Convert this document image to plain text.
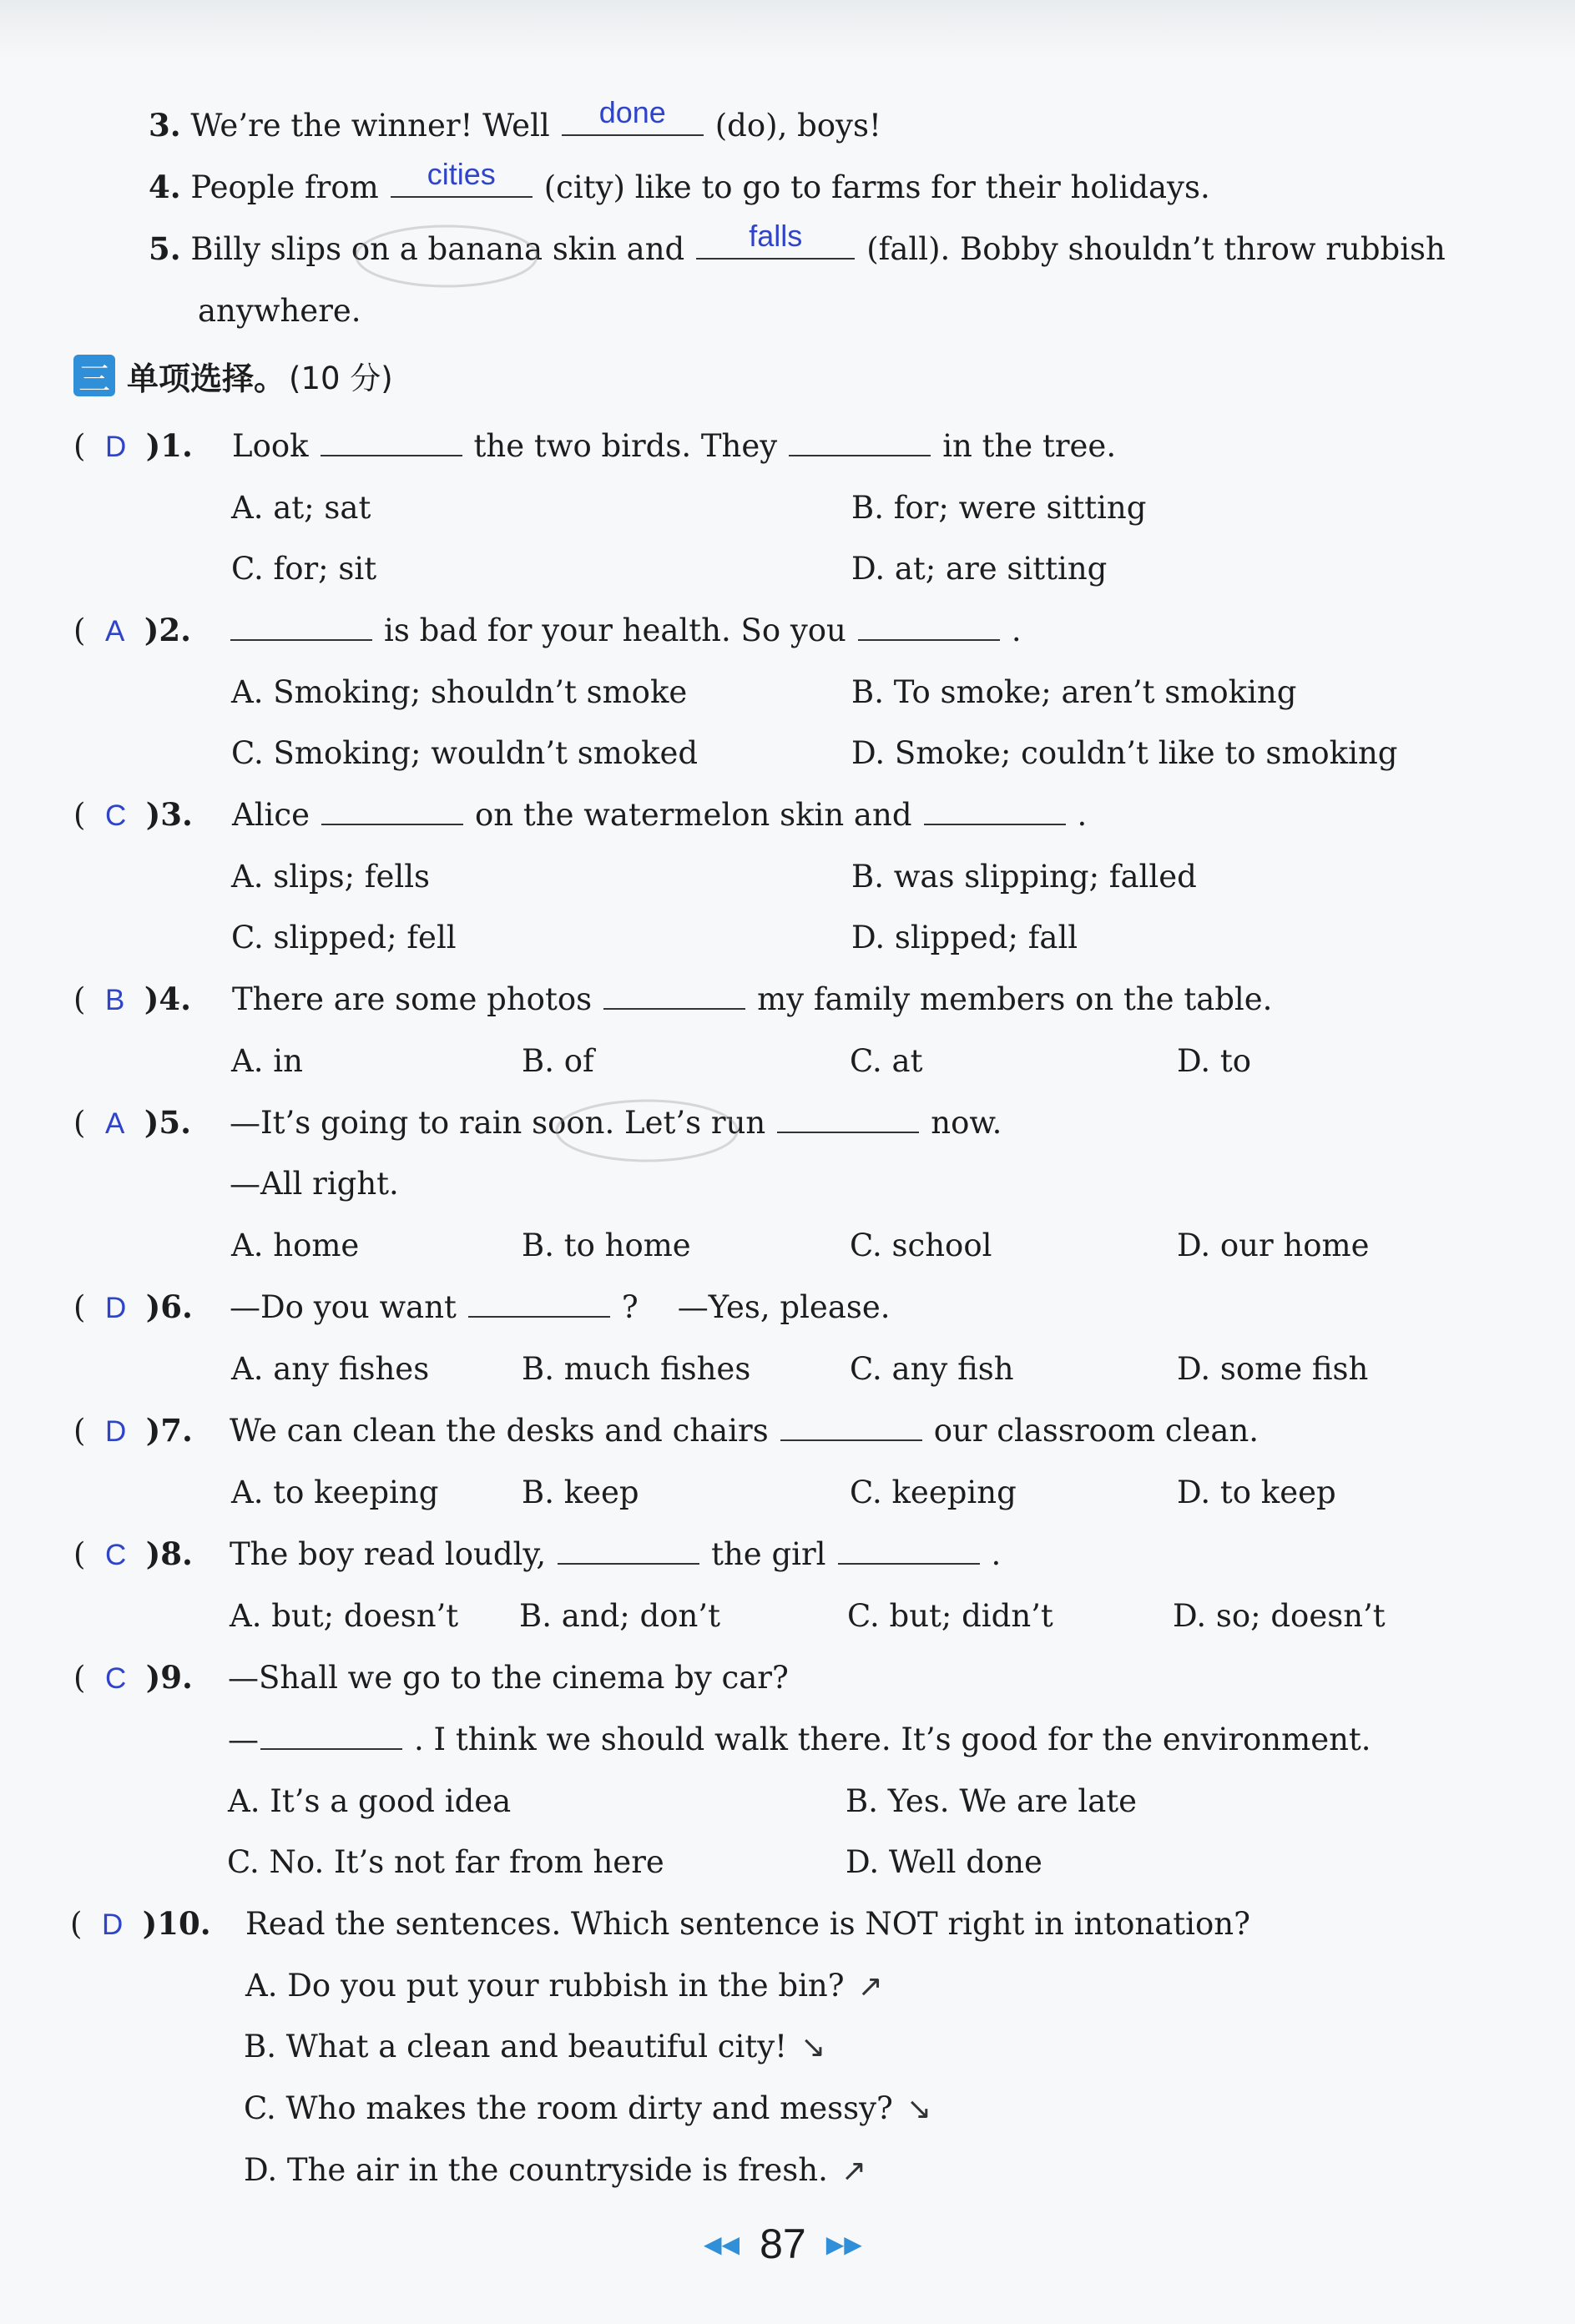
3. We’re the winner! Well	done	(do), boys!
4. People from	cities	(city) like to go to farms for their holidays.
5. Billy slips on a banana skin and	falls	(fall). Bobby shouldn’t throw rubbish
anywhere.
三 单项选择。 (10 分)
(  D )1. Look	the two birds. They	in the tree.
A. at; sat	B. for; were sitting
C. for; sit	D. at; are sitting
(  A )2.	is bad for your health. So you	.
A. Smoking; shouldn’t smoke	B. To smoke; aren’t smoking
C. Smoking; wouldn’t smoked	D. Smoke; couldn’t like to smoking
(  C )3. Alice	on the watermelon skin and	.
A. slips; fells	B. was slipping; falled
C. slipped; fell	D. slipped; fall
(  B )4. There are some photos	my family members on the table.
A. in	B. of	C. at	D. to
(  A )5. —It’s going to rain soon. Let’s run	now.
—All right.
A. home	B. to home	C. school	D. our home
(  D )6. —Do you want	? —Yes, please.
A. any fishes	B. much fishes	C. any fish	D. some fish
(  D )7. We can clean the desks and chairs	our classroom clean.
A. to keeping	B. keep	C. keeping	D. to keep
(  C )8. The boy read loudly,	the girl	.
A. but; doesn’t B. and; don’t	C. but; didn’t	D. so; doesn’t
(  C )9. —Shall we go to the cinema by car?
—	. I think we should walk there. It’s good for the environment.
A. It’s a good idea	B. Yes. We are late
C. No. It’s not far from here	D. Well done
(  D )10. Read the sentences. Which sentence is NOT right in intonation?
A. Do you put your rubbish in the bin? ↗
B. What a clean and beautiful city! ↘
C. Who makes the room dirty and messy? ↘
D. The air in the countryside is fresh. ↗
◀◀ 87 ▶▶
